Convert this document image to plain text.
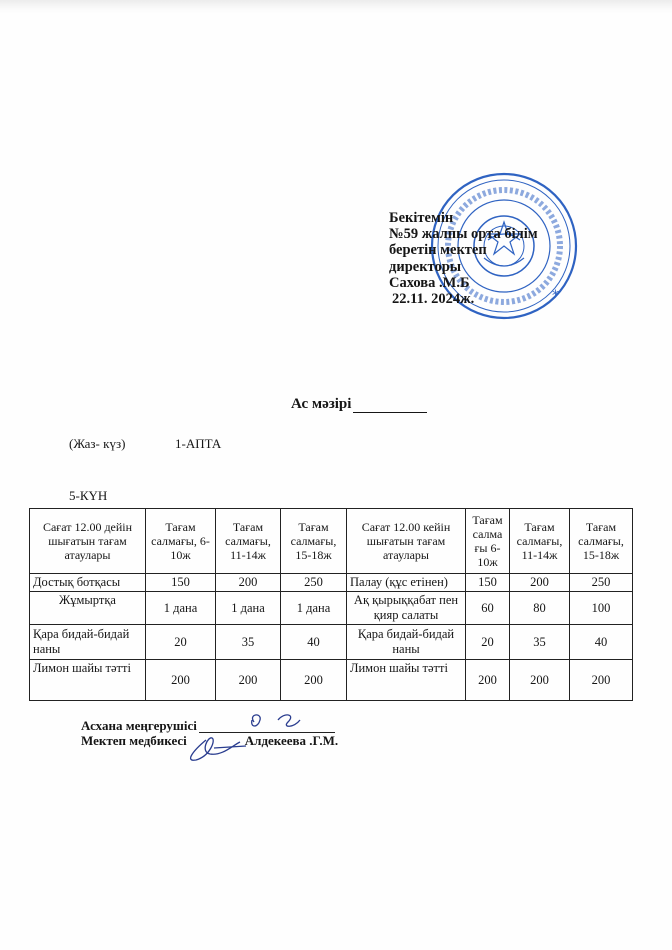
*
Бекітемін
№59 жалпы орта білім
беретін мектеп
директоры
Сахова .М.Б
22.11. 2024ж.
Ас мәзірі
(Жаз- күз)	1-АПТА
5-КҮН
Сағат 12.00 дейін шығатын тағам атаулары	Тағам салмағы, 6-10ж	Тағам салмағы, 11-14ж	Тағам салмағы, 15-18ж	Сағат 12.00 кейін шығатын тағам атаулары	Тағам салма ғы 6-10ж	Тағам салмағы, 11-14ж	Тағам салмағы, 15-18ж
Достық ботқасы	150	200	250	Палау (құс етінен)	150	200	250
Жұмыртқа	1 дана	1 дана	1 дана	Ақ қырыққабат пен қияр салаты	60	80	100
Қара бидай-бидай наны	20	35	40	Қара бидай-бидай наны	20	35	40
Лимон шайы тәтті	200	200	200	Лимон шайы тәтті	200	200	200
Асхана меңгерушісі
Мектеп медбикесі	Алдекеева .Г.М.
